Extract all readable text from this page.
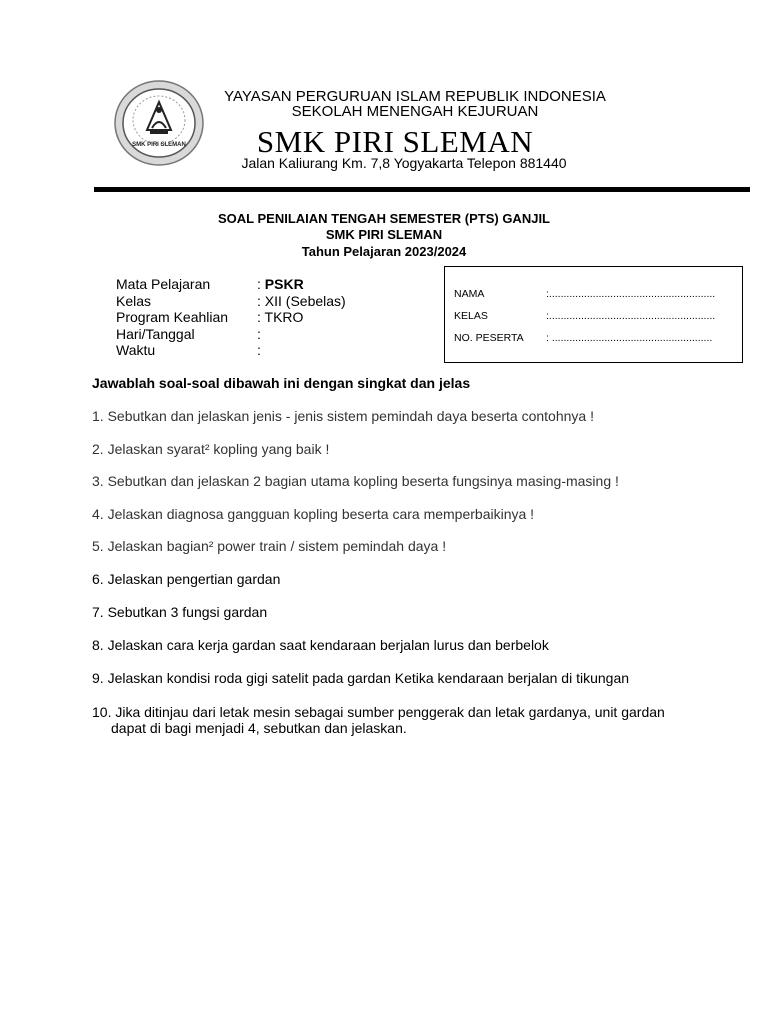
SMK PIRI SLEMAN
YAYASAN PERGURUAN ISLAM REPUBLIK INDONESIA
SEKOLAH MENENGAH KEJURUAN
SMK PIRI SLEMAN
Jalan Kaliurang Km. 7,8 Yogyakarta Telepon 881440
SOAL PENILAIAN TENGAH SEMESTER (PTS) GANJIL
SMK PIRI SLEMAN
Tahun Pelajaran 2023/2024
Mata Pelajaran	: PSKR
Kelas	: XII (Sebelas)
Program Keahlian : TKRO
Hari/Tanggal	:
Waktu	:
NAMA	:.........................................................
KELAS	:.........................................................
NO. PESERTA : .......................................................
Jawablah soal-soal dibawah ini dengan singkat dan jelas
1. Sebutkan dan jelaskan jenis - jenis sistem pemindah daya beserta contohnya !
2. Jelaskan syarat² kopling yang baik !
3. Sebutkan dan jelaskan 2 bagian utama kopling beserta fungsinya masing-masing !
4. Jelaskan diagnosa gangguan kopling beserta cara memperbaikinya !
5. Jelaskan bagian² power train / sistem pemindah daya !
6. Jelaskan pengertian gardan
7. Sebutkan 3 fungsi gardan
8. Jelaskan cara kerja gardan saat kendaraan berjalan lurus dan berbelok
9. Jelaskan kondisi roda gigi satelit pada gardan Ketika kendaraan berjalan di tikungan
10. Jika ditinjau dari letak mesin sebagai sumber penggerak dan letak gardanya, unit gardan
dapat di bagi menjadi 4, sebutkan dan jelaskan.
